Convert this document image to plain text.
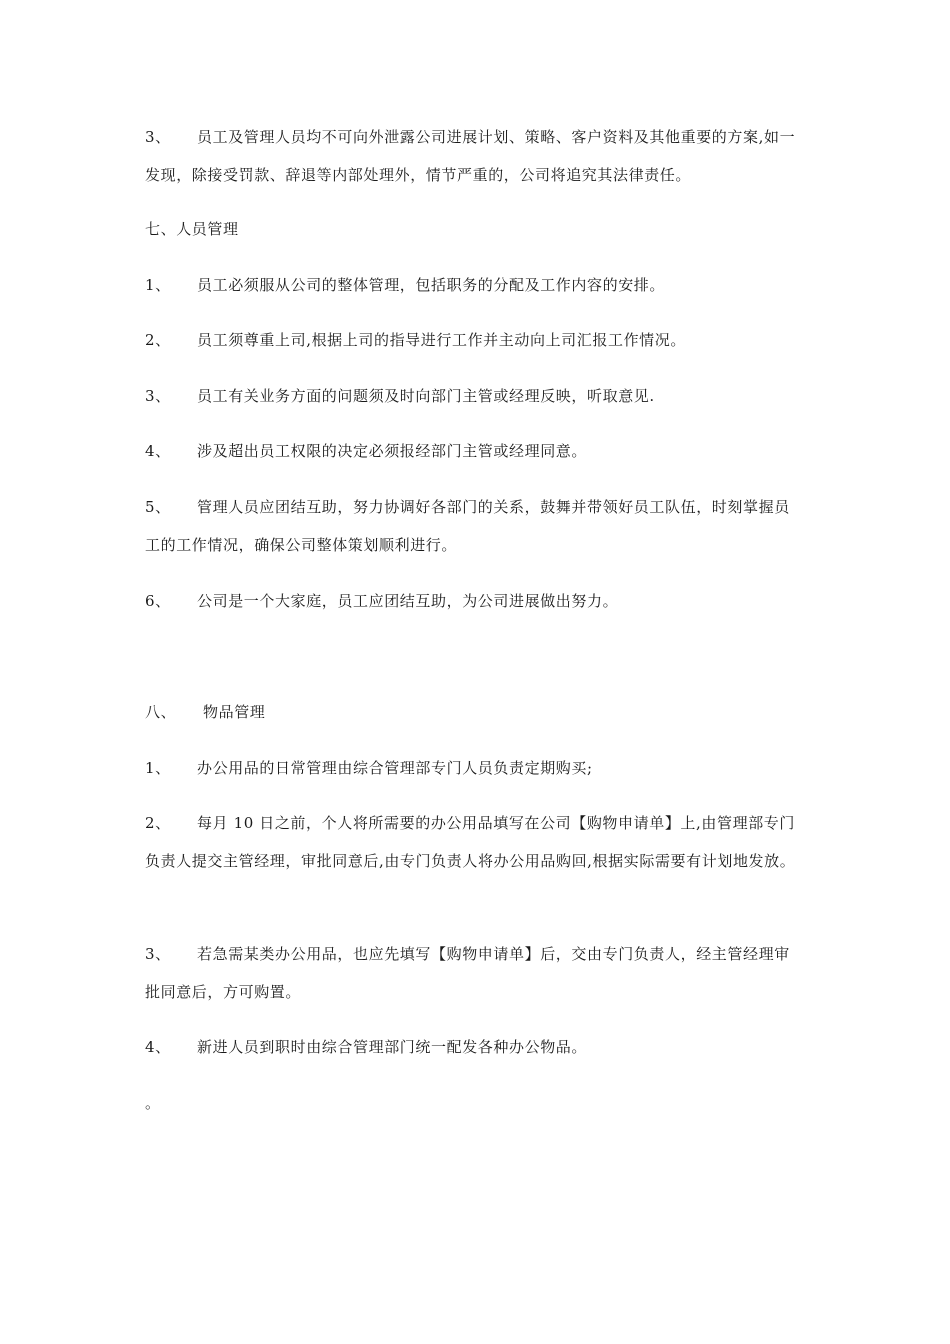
3、 员工及管理人员均不可向外泄露公司进展计划、策略、客户资料及其他重要的方案,如一发现，除接受罚款、辞退等内部处理外，情节严重的，公司将追究其法律责任。

七、人员管理

1、 员工必须服从公司的整体管理，包括职务的分配及工作内容的安排。

2、 员工须尊重上司,根据上司的指导进行工作并主动向上司汇报工作情况。

3、 员工有关业务方面的问题须及时向部门主管或经理反映，听取意见.

4、 涉及超出员工权限的决定必须报经部门主管或经理同意。

5、 管理人员应团结互助，努力协调好各部门的关系，鼓舞并带领好员工队伍，时刻掌握员工的工作情况，确保公司整体策划顺利进行。

6、 公司是一个大家庭，员工应团结互助，为公司进展做出努力。

八、 物品管理

1、 办公用品的日常管理由综合管理部专门人员负责定期购买;

2、 每月 10 日之前，个人将所需要的办公用品填写在公司【购物申请单】上,由管理部专门负责人提交主管经理，审批同意后,由专门负责人将办公用品购回,根据实际需要有计划地发放。

3、 若急需某类办公用品，也应先填写【购物申请单】后，交由专门负责人，经主管经理审批同意后，方可购置。

4、 新进人员到职时由综合管理部门统一配发各种办公物品。

。
